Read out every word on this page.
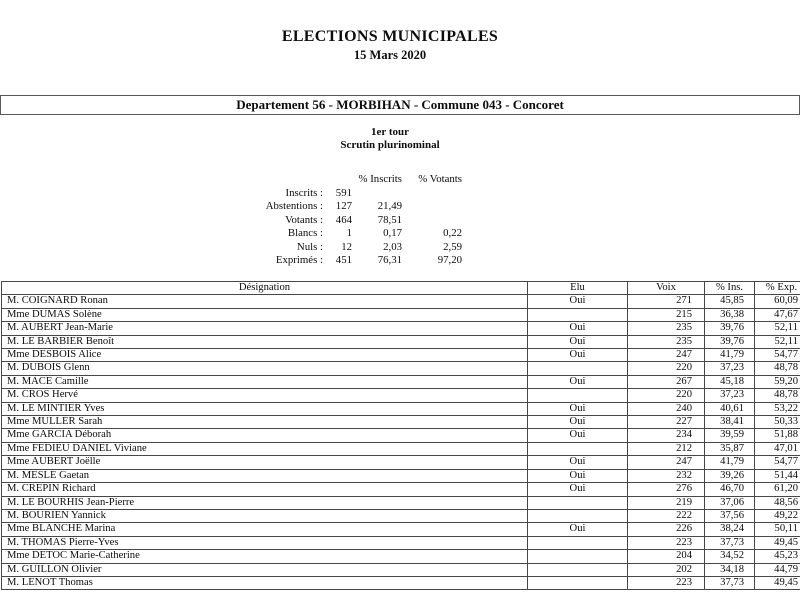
ELECTIONS MUNICIPALES
15 Mars 2020
Departement 56 - MORBIHAN - Commune 043 - Concoret
1er tour
Scrutin plurinominal
		% Inscrits	% Votants
Inscrits :	591		
Abstentions :	127	21,49	
Votants :	464	78,51	
Blancs :	1	0,17	0,22
Nuls :	12	2,03	2,59
Exprimés :	451	76,31	97,20
Désignation	Elu	Voix	% Ins.	% Exp.
M. COIGNARD Ronan	Oui	271	45,85	60,09
Mme DUMAS Solène		215	36,38	47,67
M. AUBERT Jean-Marie	Oui	235	39,76	52,11
M. LE BARBIER Benoît	Oui	235	39,76	52,11
Mme DESBOIS Alice	Oui	247	41,79	54,77
M. DUBOIS Glenn		220	37,23	48,78
M. MACE Camille	Oui	267	45,18	59,20
M. CROS Hervé		220	37,23	48,78
M. LE MINTIER Yves	Oui	240	40,61	53,22
Mme MULLER Sarah	Oui	227	38,41	50,33
Mme GARCIA Déborah	Oui	234	39,59	51,88
Mme FEDIEU DANIEL Viviane		212	35,87	47,01
Mme AUBERT Joëlle	Oui	247	41,79	54,77
M. MESLE Gaetan	Oui	232	39,26	51,44
M. CREPIN Richard	Oui	276	46,70	61,20
M. LE BOURHIS Jean-Pierre		219	37,06	48,56
M. BOURIEN Yannick		222	37,56	49,22
Mme BLANCHE Marina	Oui	226	38,24	50,11
M. THOMAS Pierre-Yves		223	37,73	49,45
Mme DETOC Marie-Catherine		204	34,52	45,23
M. GUILLON Olivier		202	34,18	44,79
M. LENOT Thomas		223	37,73	49,45
